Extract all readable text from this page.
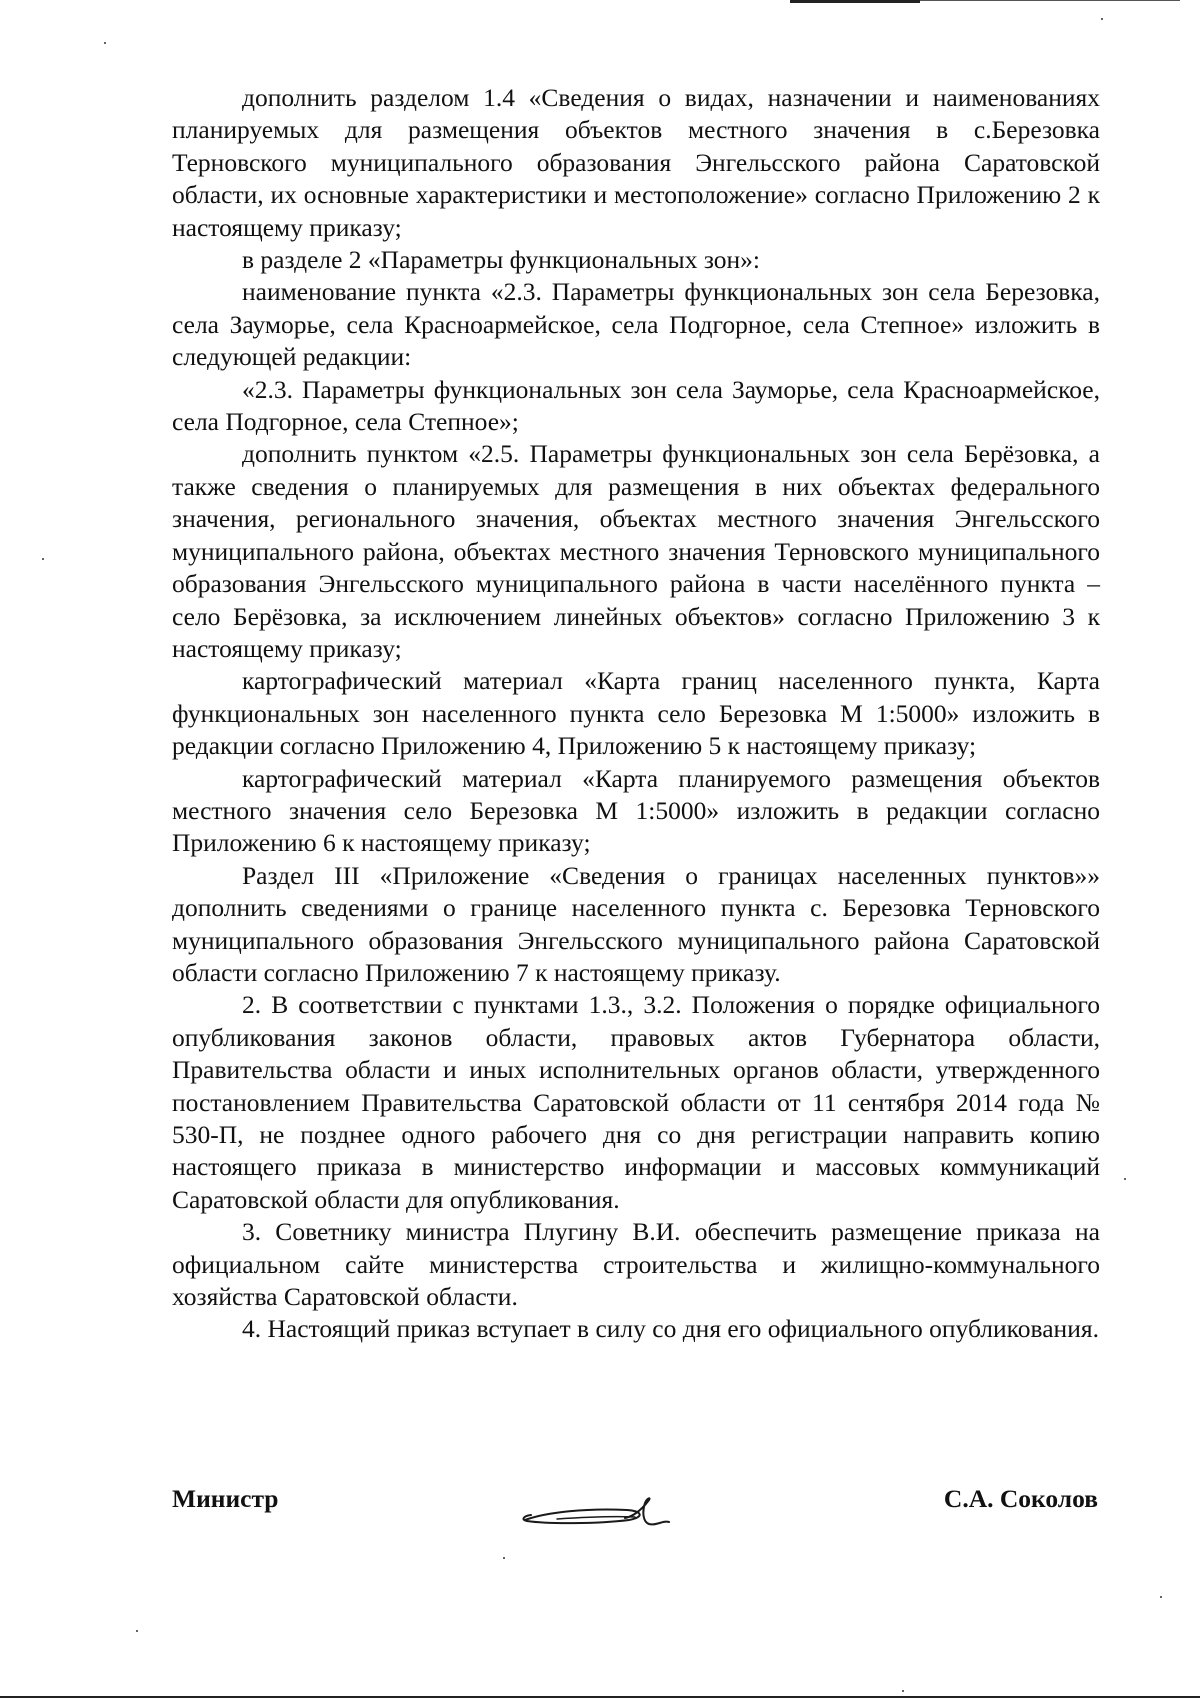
дополнить разделом 1.4 «Сведения о видах, назначении и наименованиях планируемых для размещения объектов местного значения в с.Березовка Терновского муниципального образования Энгельсского района Саратовской области, их основные характеристики и местоположение» согласно Приложению 2 к настоящему приказу;

в разделе 2 «Параметры функциональных зон»:

наименование пункта «2.3. Параметры функциональных зон села Березовка, села Зауморье, села Красноармейское, села Подгорное, села Степное» изложить в следующей редакции:

«2.3. Параметры функциональных зон села Зауморье, села Красноармейское, села Подгорное, села Степное»;

дополнить пунктом «2.5. Параметры функциональных зон села Берёзовка, а также сведения о планируемых для размещения в них объектах федерального значения, регионального значения, объектах местного значения Энгельсского муниципального района, объектах местного значения Терновского муниципального образования Энгельсского муниципального района в части населённого пункта – село Берёзовка, за исключением линейных объектов» согласно Приложению 3 к настоящему приказу;

картографический материал «Карта границ населенного пункта, Карта функциональных зон населенного пункта село Березовка М 1:5000» изложить в редакции согласно Приложению 4, Приложению 5 к настоящему приказу;

картографический материал «Карта планируемого размещения объектов местного значения село Березовка М 1:5000» изложить в редакции согласно Приложению 6 к настоящему приказу;

Раздел III «Приложение «Сведения о границах населенных пунктов»» дополнить сведениями о границе населенного пункта с. Березовка Терновского муниципального образования Энгельсского муниципального района Саратовской области согласно Приложению 7 к настоящему приказу.

2. В соответствии с пунктами 1.3., 3.2. Положения о порядке официального опубликования законов области, правовых актов Губернатора области, Правительства области и иных исполнительных органов области, утвержденного постановлением Правительства Саратовской области от 11 сентября 2014 года № 530-П, не позднее одного рабочего дня со дня регистрации направить копию настоящего приказа в министерство информации и массовых коммуникаций Саратовской области для опубликования.

3. Советнику министра Плугину В.И. обеспечить размещение приказа на официальном сайте министерства строительства и жилищно-коммунального хозяйства Саратовской области.

4. Настоящий приказ вступает в силу со дня его официального опубликования.

Министр	С.А. Соколов
